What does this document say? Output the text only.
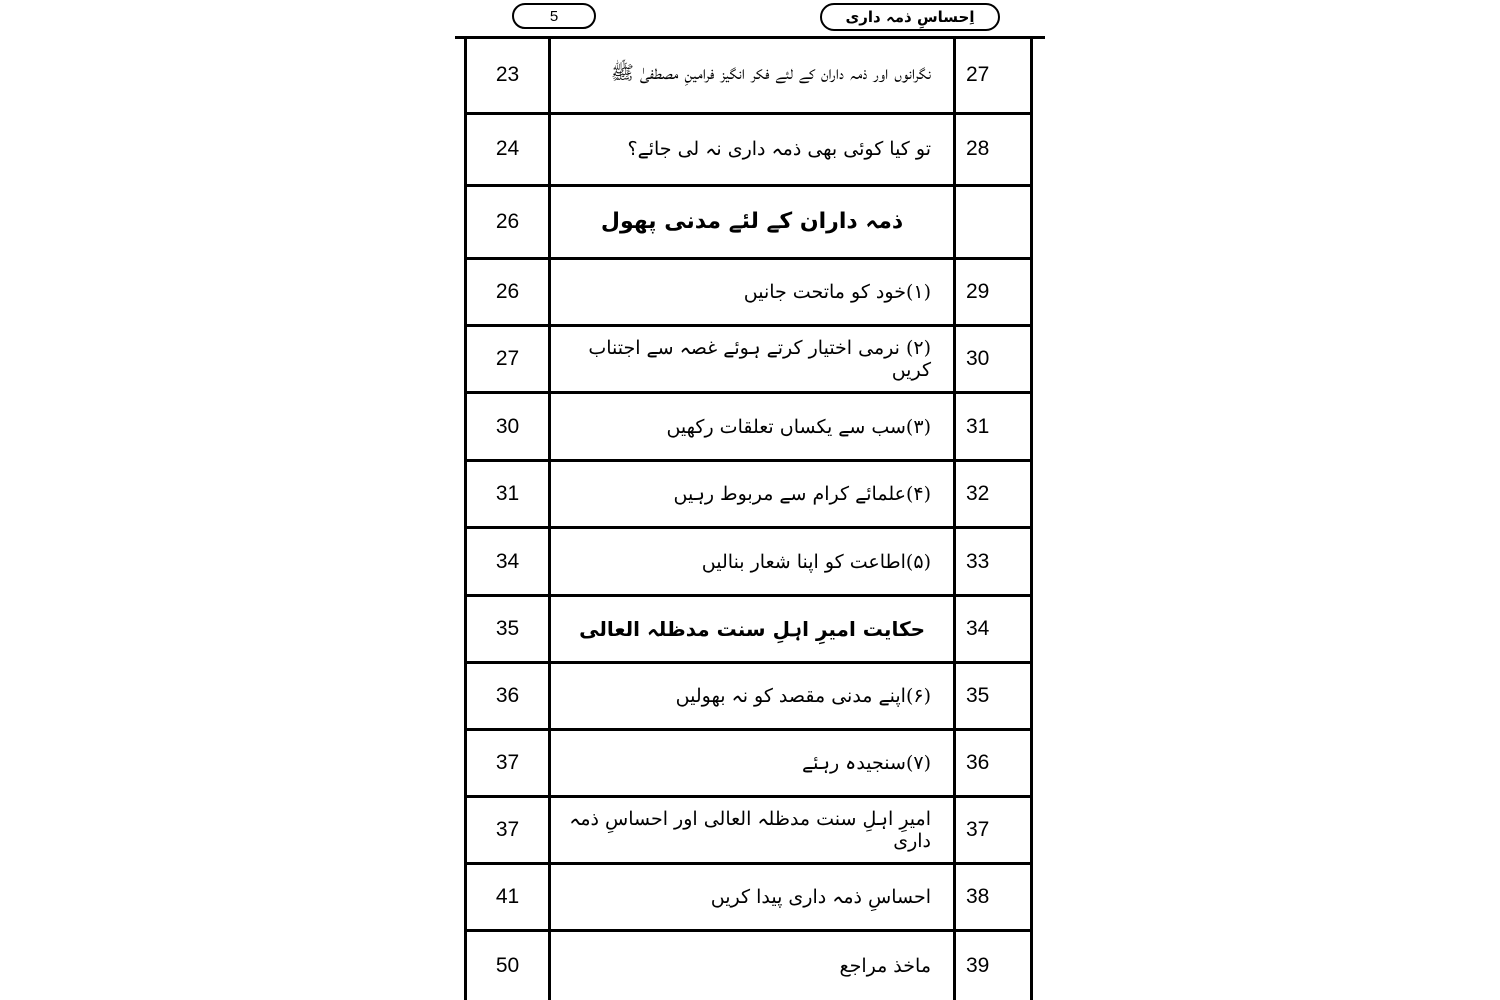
5	اِحساسِ ذمہ داری
23	نگرانوں اور ذمہ داران کے لئے فکر انگیز فرامینِ مصطفیٰ ﷺ	27
24	تو کیا کوئی بھی ذمہ داری نہ لی جائے؟	28
26	ذمہ داران کے لئے مدنی پھول	
26	(۱)خود کو ماتحت جانیں	29
27	(۲) نرمی اختیار کرتے ہوئے غصہ سے اجتناب کریں	30
30	(۳)سب سے یکساں تعلقات رکھیں	31
31	(۴)علمائے کرام سے مربوط رہیں	32
34	(۵)اطاعت کو اپنا شعار بنالیں	33
35	حکایت امیرِ اہلِ سنت مدظلہ العالی	34
36	(۶)اپنے مدنی مقصد کو نہ بھولیں	35
37	(۷)سنجیدہ رہئے	36
37	امیرِ اہلِ سنت مدظلہ العالی اور احساسِ ذمہ داری	37
41	احساسِ ذمہ داری پیدا کریں	38
50	ماخذ مراجع	39
